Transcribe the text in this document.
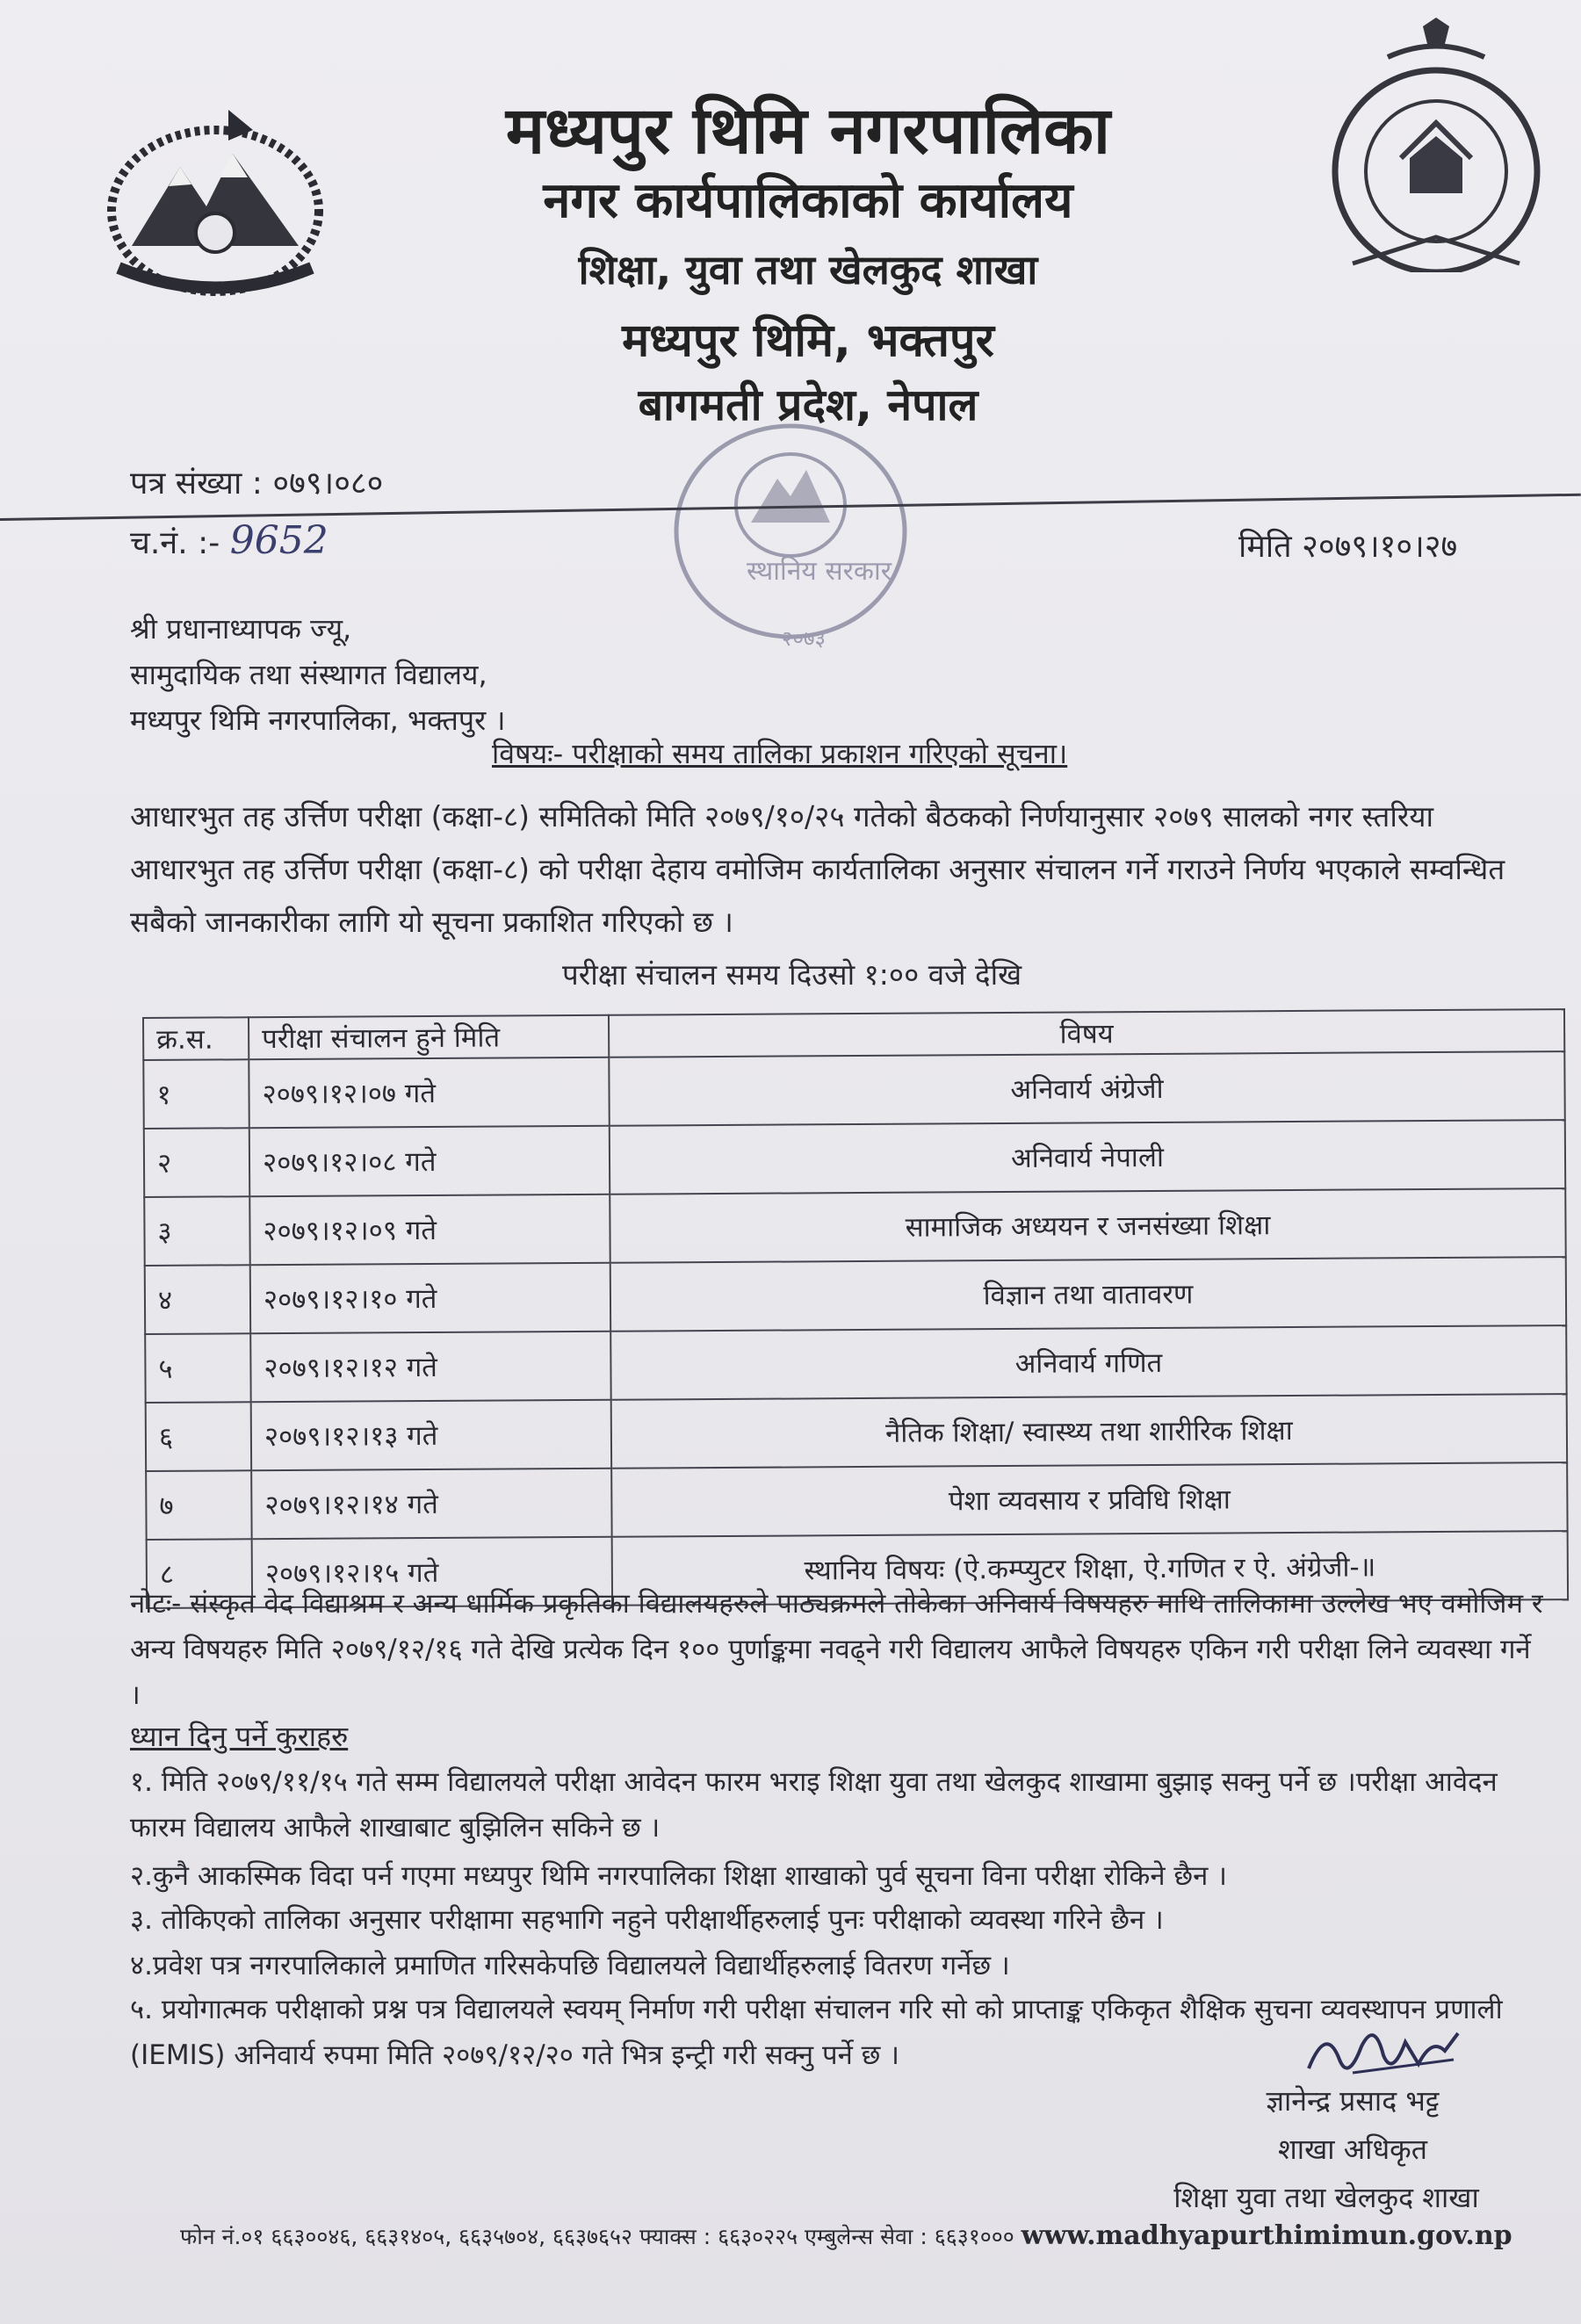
मध्यपुर थिमि नगरपालिका
नगर कार्यपालिकाको कार्यालय
शिक्षा, युवा तथा खेलकुद शाखा
मध्यपुर थिमि, भक्तपुर
बागमती प्रदेश, नेपाल
स्थानिय सरकार
२०७३
पत्र संख्या : ०७९।०८०
च.नं. :- 9652	मिति २०७९।१०।२७
श्री प्रधानाध्यापक ज्यू,
सामुदायिक तथा संस्थागत विद्यालय,
मध्यपुर थिमि नगरपालिका, भक्तपुर ।
विषयः- परीक्षाको समय तालिका प्रकाशन गरिएको सूचना।
आधारभुत तह उर्त्तिण परीक्षा (कक्षा-८) समितिको मिति २०७९/१०/२५ गतेको बैठकको निर्णयानुसार २०७९ सालको नगर स्तरिया आधारभुत तह उर्त्तिण परीक्षा (कक्षा-८) को परीक्षा देहाय वमोजिम कार्यतालिका अनुसार संचालन गर्ने गराउने निर्णय भएकाले सम्वन्धित सबैको जानकारीका लागि यो सूचना प्रकाशित गरिएको छ ।
परीक्षा संचालन समय दिउसो १:०० वजे देखि
क्र.स.	परीक्षा संचालन हुने मिति	विषय
१	२०७९।१२।०७ गते	अनिवार्य अंग्रेजी
२	२०७९।१२।०८ गते	अनिवार्य नेपाली
३	२०७९।१२।०९ गते	सामाजिक अध्ययन र जनसंख्या शिक्षा
४	२०७९।१२।१० गते	विज्ञान तथा वातावरण
५	२०७९।१२।१२ गते	अनिवार्य गणित
६	२०७९।१२।१३ गते	नैतिक शिक्षा/ स्वास्थ्य तथा शारीरिक शिक्षा
७	२०७९।१२।१४ गते	पेशा व्यवसाय र प्रविधि शिक्षा
८	२०७९।१२।१५ गते	स्थानिय विषयः (ऐ.कम्प्युटर शिक्षा, ऐ.गणित र ऐ. अंग्रेजी-॥
नोटः- संस्कृत वेद विद्याश्रम र अन्य धार्मिक प्रकृतिका विद्यालयहरुले पाठ्यक्रमले तोकेका अनिवार्य विषयहरु माथि तालिकामा उल्लेख भए वमोजिम र अन्य विषयहरु मिति २०७९/१२/१६ गते देखि प्रत्येक दिन १०० पुर्णाङ्कमा नवढ्ने गरी विद्यालय आफैले विषयहरु एकिन गरी परीक्षा लिने व्यवस्था गर्ने ।
ध्यान दिनु पर्ने कुराहरु
१. मिति २०७९/११/१५ गते सम्म विद्यालयले परीक्षा आवेदन फारम भराइ शिक्षा युवा तथा खेलकुद शाखामा बुझाइ सक्नु पर्ने छ ।परीक्षा आवेदन फारम विद्यालय आफैले शाखाबाट बुझिलिन सकिने छ ।
२.कुनै आकस्मिक विदा पर्न गएमा मध्यपुर थिमि नगरपालिका शिक्षा शाखाको पुर्व सूचना विना परीक्षा रोकिने छैन ।
३. तोकिएको तालिका अनुसार परीक्षामा सहभागि नहुने परीक्षार्थीहरुलाई पुनः परीक्षाको व्यवस्था गरिने छैन ।
४.प्रवेश पत्र नगरपालिकाले प्रमाणित गरिसकेपछि विद्यालयले विद्यार्थीहरुलाई वितरण गर्नेछ ।
५. प्रयोगात्मक परीक्षाको प्रश्न पत्र विद्यालयले स्वयम् निर्माण गरी परीक्षा संचालन गरि सो को प्राप्ताङ्क एकिकृत शैक्षिक सुचना व्यवस्थापन प्रणाली (IEMIS) अनिवार्य रुपमा मिति २०७९/१२/२० गते भित्र इन्ट्री गरी सक्नु पर्ने छ ।
ज्ञानेन्द्र प्रसाद भट्ट
शाखा अधिकृत
शिक्षा युवा तथा खेलकुद शाखा
फोन नं.०१ ६६३००४६, ६६३१४०५, ६६३५७०४, ६६३७६५२ फ्याक्स : ६६३०२२५ एम्बुलेन्स सेवा : ६६३१००० www.madhyapurthimimun.gov.np
